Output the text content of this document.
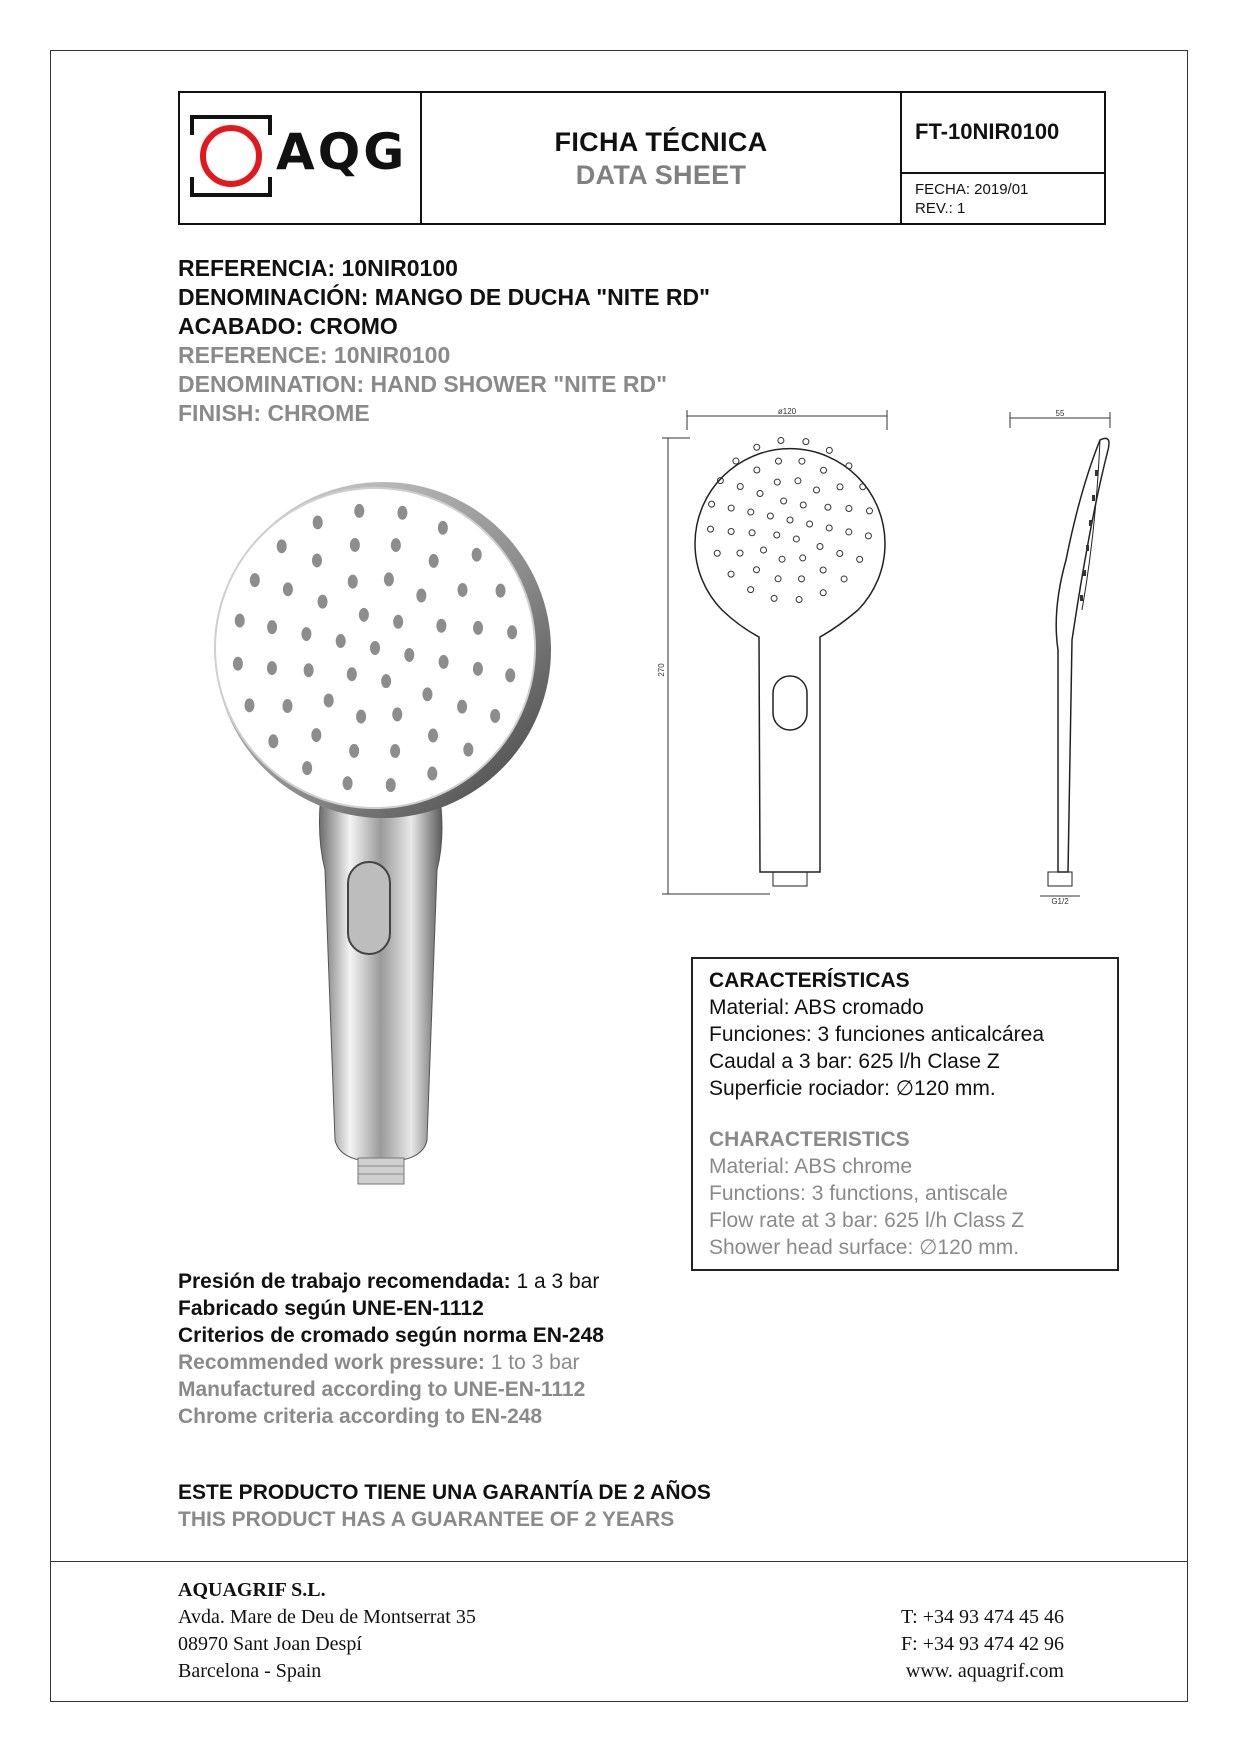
AQG	FICHA TÉCNICA
DATA SHEET
FT-10NIR0100
FECHA: 2019/01
REV.: 1
REFERENCIA: 10NIR0100
DENOMINACIÓN: MANGO DE DUCHA "NITE RD"
ACABADO: CROMO
REFERENCE: 10NIR0100
DENOMINATION: HAND SHOWER "NITE RD"
FINISH: CHROME	ø120
270
55
G1/2
CARACTERÍSTICAS
Material: ABS cromado
Funciones: 3 funciones anticalcárea
Caudal a 3 bar: 625 l/h Clase Z
Superficie rociador: ∅120 mm.
CHARACTERISTICS
Material: ABS chrome
Functions: 3 functions, antiscale
Flow rate at 3 bar: 625 l/h Class Z
Shower head surface: ∅120 mm.
Presión de trabajo recomendada: 1 a 3 bar
Fabricado según UNE-EN-1112
Criterios de cromado según norma EN-248
Recommended work pressure: 1 to 3 bar
Manufactured according to UNE-EN-1112
Chrome criteria according to EN-248
ESTE PRODUCTO TIENE UNA GARANTÍA DE 2 AÑOS
THIS PRODUCT HAS A GUARANTEE OF 2 YEARS
AQUAGRIF S.L.
Avda. Mare de Deu de Montserrat 35
08970 Sant Joan Despí
Barcelona - Spain
T: +34 93 474 45 46
F: +34 93 474 42 96
www. aquagrif.com
